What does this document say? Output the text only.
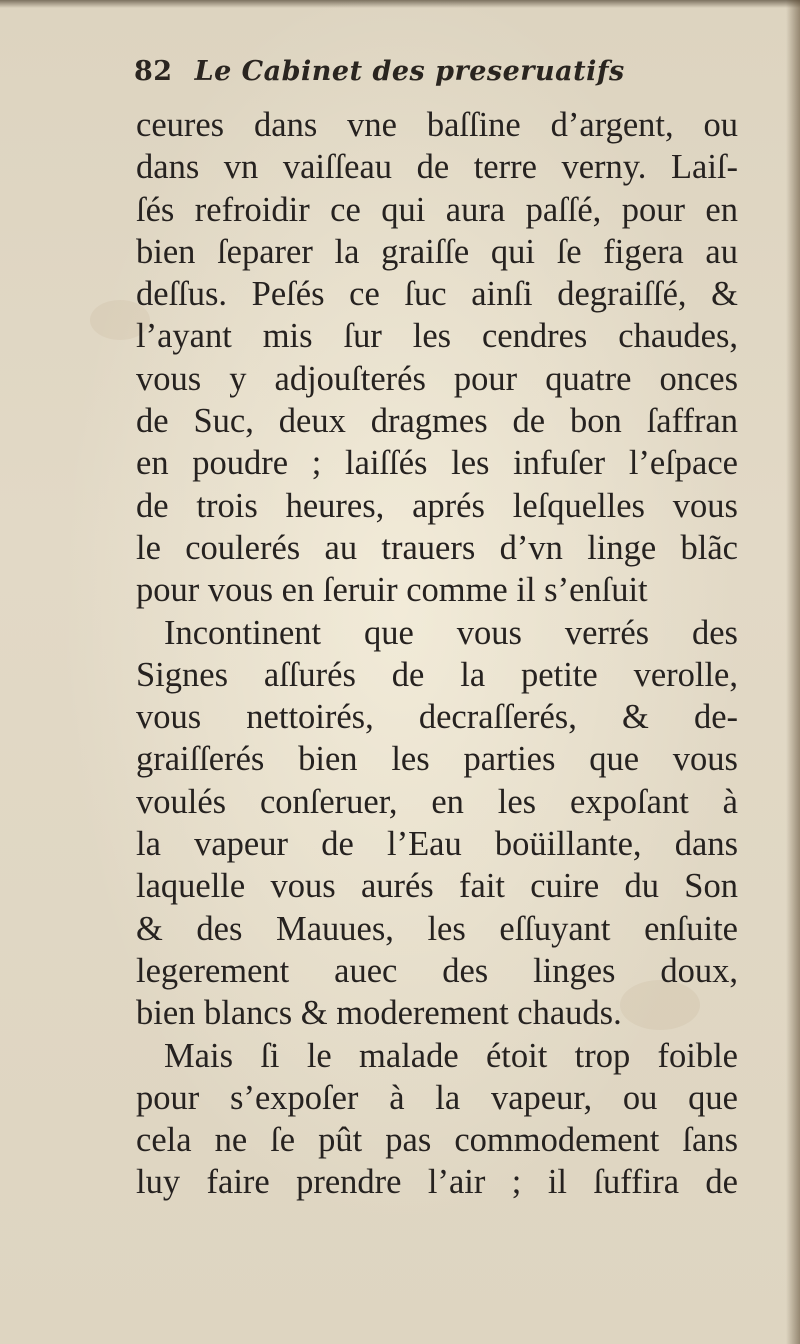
82 Le Cabinet des preseruatifs
ceures dans vne baſſine d’argent, ou
dans vn vaiſſeau de terre verny. Laiſ-
ſés refroidir ce qui aura paſſé, pour en
bien ſeparer la graiſſe qui ſe figera au
deſſus. Peſés ce ſuc ainſi degraiſſé, &
l’ayant mis ſur les cendres chaudes,
vous y adjouſterés pour quatre onces
de Suc, deux dragmes de bon ſaffran
en poudre ; laiſſés les infuſer l’eſpace
de trois heures, aprés leſquelles vous
le coulerés au trauers d’vn linge blãc
pour vous en ſeruir comme il s’enſuit
Incontinent que vous verrés des
Signes aſſurés de la petite verolle,
vous nettoirés, decraſſerés, & de-
graiſſerés bien les parties que vous
voulés conſeruer, en les expoſant à
la vapeur de l’Eau boüillante, dans
laquelle vous aurés fait cuire du Son
& des Mauues, les eſſuyant enſuite
legerement auec des linges doux,
bien blancs & moderement chauds.
Mais ſi le malade étoit trop foible
pour s’expoſer à la vapeur, ou que
cela ne ſe pût pas commodement ſans
luy faire prendre l’air ; il ſuffira de
